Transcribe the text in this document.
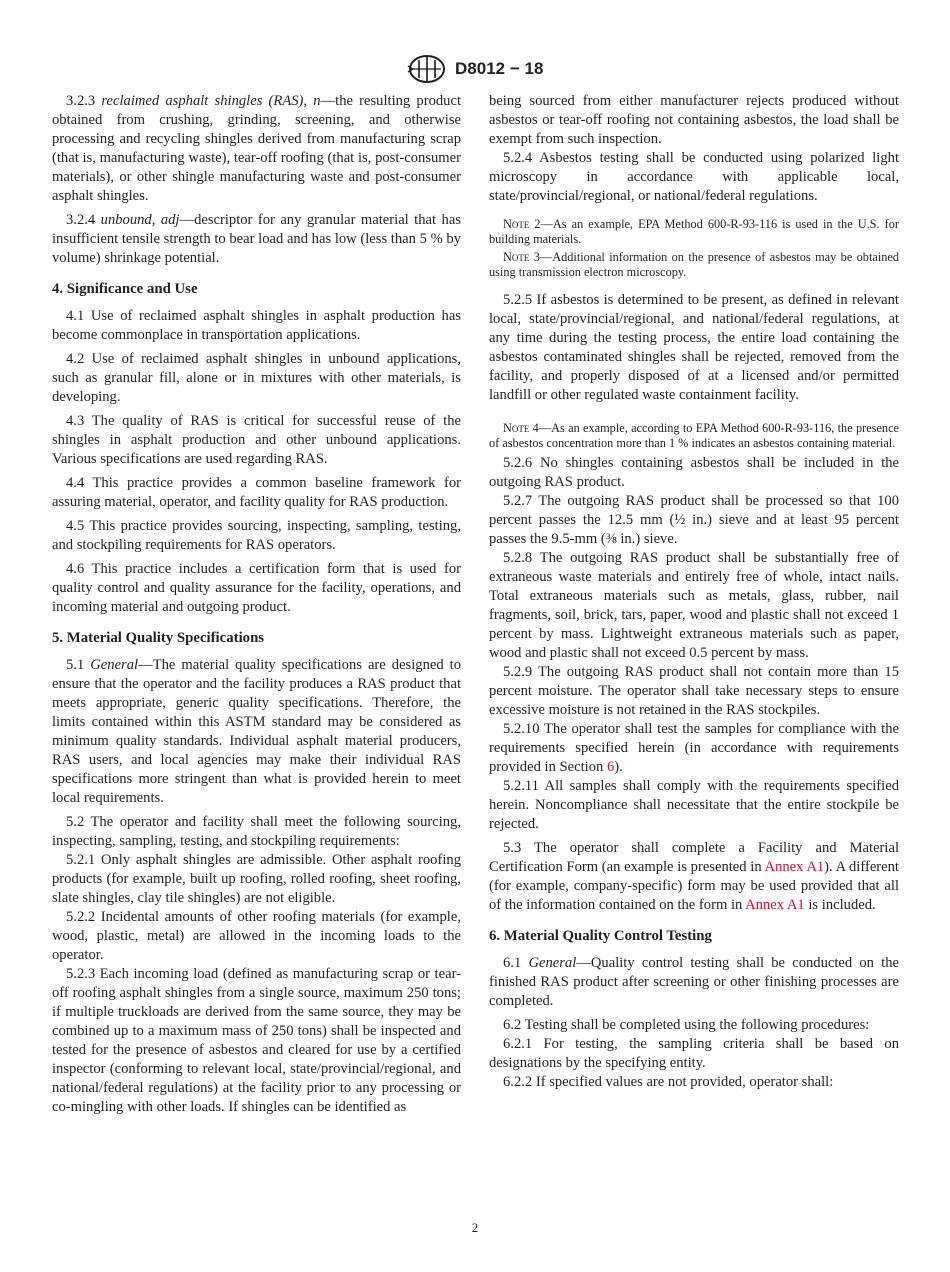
D8012 − 18

3.2.3 reclaimed asphalt shingles (RAS), n—the resulting product obtained from crushing, grinding, screening, and otherwise processing and recycling shingles derived from manufacturing scrap (that is, manufacturing waste), tear-off roofing (that is, post-consumer materials), or other shingle manufacturing waste and post-consumer asphalt shingles.

3.2.4 unbound, adj—descriptor for any granular material that has insufficient tensile strength to bear load and has low (less than 5 % by volume) shrinkage potential.

4. Significance and Use

4.1 Use of reclaimed asphalt shingles in asphalt production has become commonplace in transportation applications.

4.2 Use of reclaimed asphalt shingles in unbound applications, such as granular fill, alone or in mixtures with other materials, is developing.

4.3 The quality of RAS is critical for successful reuse of the shingles in asphalt production and other unbound applications. Various specifications are used regarding RAS.

4.4 This practice provides a common baseline framework for assuring material, operator, and facility quality for RAS production.

4.5 This practice provides sourcing, inspecting, sampling, testing, and stockpiling requirements for RAS operators.

4.6 This practice includes a certification form that is used for quality control and quality assurance for the facility, operations, and incoming material and outgoing product.

5. Material Quality Specifications

5.1 General—The material quality specifications are designed to ensure that the operator and the facility produces a RAS product that meets appropriate, generic quality specifications. Therefore, the limits contained within this ASTM standard may be considered as minimum quality standards. Individual asphalt material producers, RAS users, and local agencies may make their individual RAS specifications more stringent than what is provided herein to meet local requirements.

5.2 The operator and facility shall meet the following sourcing, inspecting, sampling, testing, and stockpiling requirements:

5.2.1 Only asphalt shingles are admissible. Other asphalt roofing products (for example, built up roofing, rolled roofing, sheet roofing, slate shingles, clay tile shingles) are not eligible.

5.2.2 Incidental amounts of other roofing materials (for example, wood, plastic, metal) are allowed in the incoming loads to the operator.

5.2.3 Each incoming load (defined as manufacturing scrap or tear-off roofing asphalt shingles from a single source, maximum 250 tons; if multiple truckloads are derived from the same source, they may be combined up to a maximum mass of 250 tons) shall be inspected and tested for the presence of asbestos and cleared for use by a certified inspector (conforming to relevant local, state/provincial/regional, and national/federal regulations) at the facility prior to any processing or co-mingling with other loads. If shingles can be identified as

being sourced from either manufacturer rejects produced without asbestos or tear-off roofing not containing asbestos, the load shall be exempt from such inspection.

5.2.4 Asbestos testing shall be conducted using polarized light microscopy in accordance with applicable local, state/provincial/regional, or national/federal regulations.

Note 2—As an example, EPA Method 600-R-93-116 is used in the U.S. for building materials.
Note 3—Additional information on the presence of asbestos may be obtained using transmission electron microscopy.

5.2.5 If asbestos is determined to be present, as defined in relevant local, state/provincial/regional, and national/federal regulations, at any time during the testing process, the entire load containing the asbestos contaminated shingles shall be rejected, removed from the facility, and properly disposed of at a licensed and/or permitted landfill or other regulated waste containment facility.

Note 4—As an example, according to EPA Method 600-R-93-116, the presence of asbestos concentration more than 1 % indicates an asbestos containing material.

5.2.6 No shingles containing asbestos shall be included in the outgoing RAS product.

5.2.7 The outgoing RAS product shall be processed so that 100 percent passes the 12.5 mm (½ in.) sieve and at least 95 percent passes the 9.5-mm (⅜ in.) sieve.

5.2.8 The outgoing RAS product shall be substantially free of extraneous waste materials and entirely free of whole, intact nails. Total extraneous materials such as metals, glass, rubber, nail fragments, soil, brick, tars, paper, wood and plastic shall not exceed 1 percent by mass. Lightweight extraneous materials such as paper, wood and plastic shall not exceed 0.5 percent by mass.

5.2.9 The outgoing RAS product shall not contain more than 15 percent moisture. The operator shall take necessary steps to ensure excessive moisture is not retained in the RAS stockpiles.

5.2.10 The operator shall test the samples for compliance with the requirements specified herein (in accordance with requirements provided in Section 6).

5.2.11 All samples shall comply with the requirements specified herein. Noncompliance shall necessitate that the entire stockpile be rejected.

5.3 The operator shall complete a Facility and Material Certification Form (an example is presented in Annex A1). A different (for example, company-specific) form may be used provided that all of the information contained on the form in Annex A1 is included.

6. Material Quality Control Testing

6.1 General—Quality control testing shall be conducted on the finished RAS product after screening or other finishing processes are completed.

6.2 Testing shall be completed using the following procedures:

6.2.1 For testing, the sampling criteria shall be based on designations by the specifying entity.

6.2.2 If specified values are not provided, operator shall:

2
